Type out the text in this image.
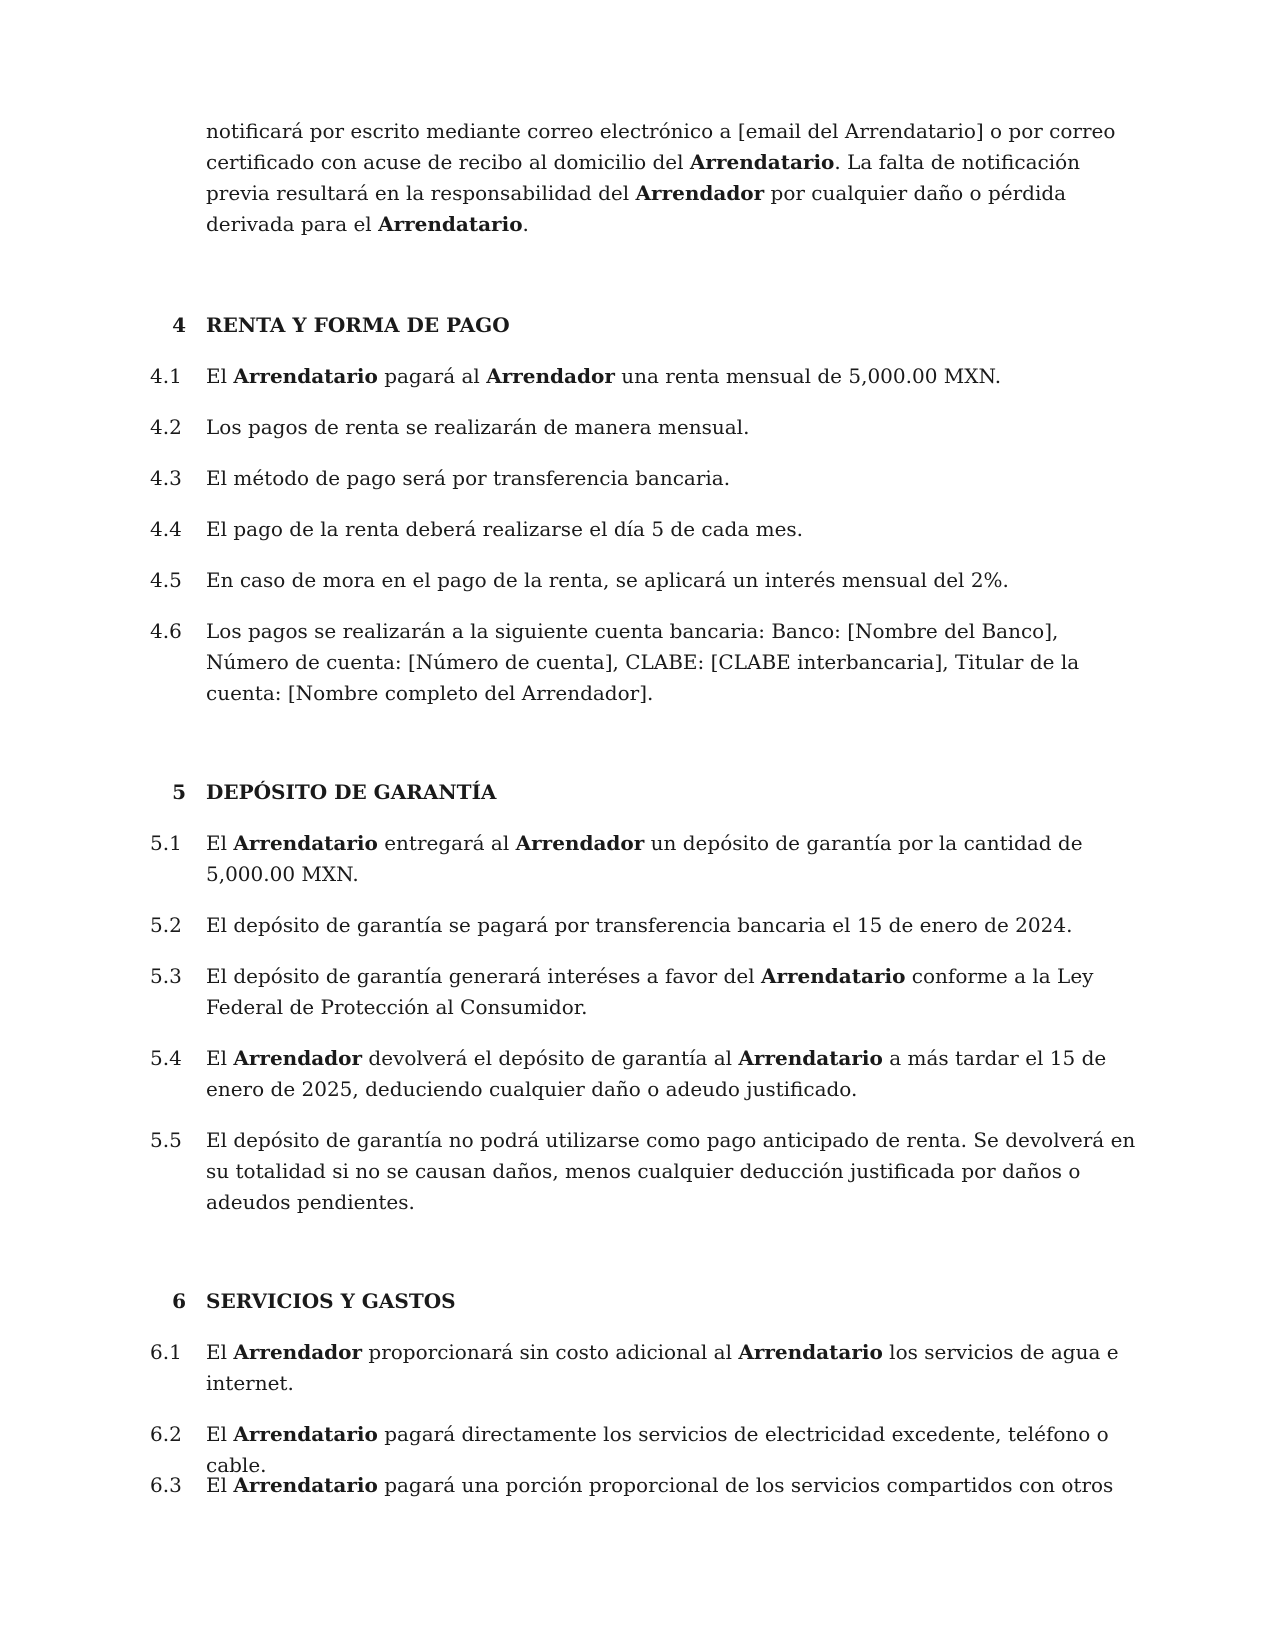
notificará por escrito mediante correo electrónico a [email del Arrendatario] o por correo certificado con acuse de recibo al domicilio del Arrendatario. La falta de notificación previa resultará en la responsabilidad del Arrendador por cualquier daño o pérdida derivada para el Arrendatario.
4 RENTA Y FORMA DE PAGO
4.1	El Arrendatario pagará al Arrendador una renta mensual de 5,000.00 MXN.
4.2	Los pagos de renta se realizarán de manera mensual.
4.3	El método de pago será por transferencia bancaria.
4.4	El pago de la renta deberá realizarse el día 5 de cada mes.
4.5	En caso de mora en el pago de la renta, se aplicará un interés mensual del 2%.
4.6	Los pagos se realizarán a la siguiente cuenta bancaria: Banco: [Nombre del Banco], Número de cuenta: [Número de cuenta], CLABE: [CLABE interbancaria], Titular de la cuenta: [Nombre completo del Arrendador].
5 DEPÓSITO DE GARANTÍA
5.1	El Arrendatario entregará al Arrendador un depósito de garantía por la cantidad de 5,000.00 MXN.
5.2	El depósito de garantía se pagará por transferencia bancaria el 15 de enero de 2024.
5.3	El depósito de garantía generará interéses a favor del Arrendatario conforme a la Ley Federal de Protección al Consumidor.
5.4	El Arrendador devolverá el depósito de garantía al Arrendatario a más tardar el 15 de enero de 2025, deduciendo cualquier daño o adeudo justificado.
5.5	El depósito de garantía no podrá utilizarse como pago anticipado de renta. Se devolverá en su totalidad si no se causan daños, menos cualquier deducción justificada por daños o adeudos pendientes.
6 SERVICIOS Y GASTOS
6.1	El Arrendador proporcionará sin costo adicional al Arrendatario los servicios de agua e internet.
6.2	El Arrendatario pagará directamente los servicios de electricidad excedente, teléfono o cable.
6.3	El Arrendatario pagará una porción proporcional de los servicios compartidos con otros
